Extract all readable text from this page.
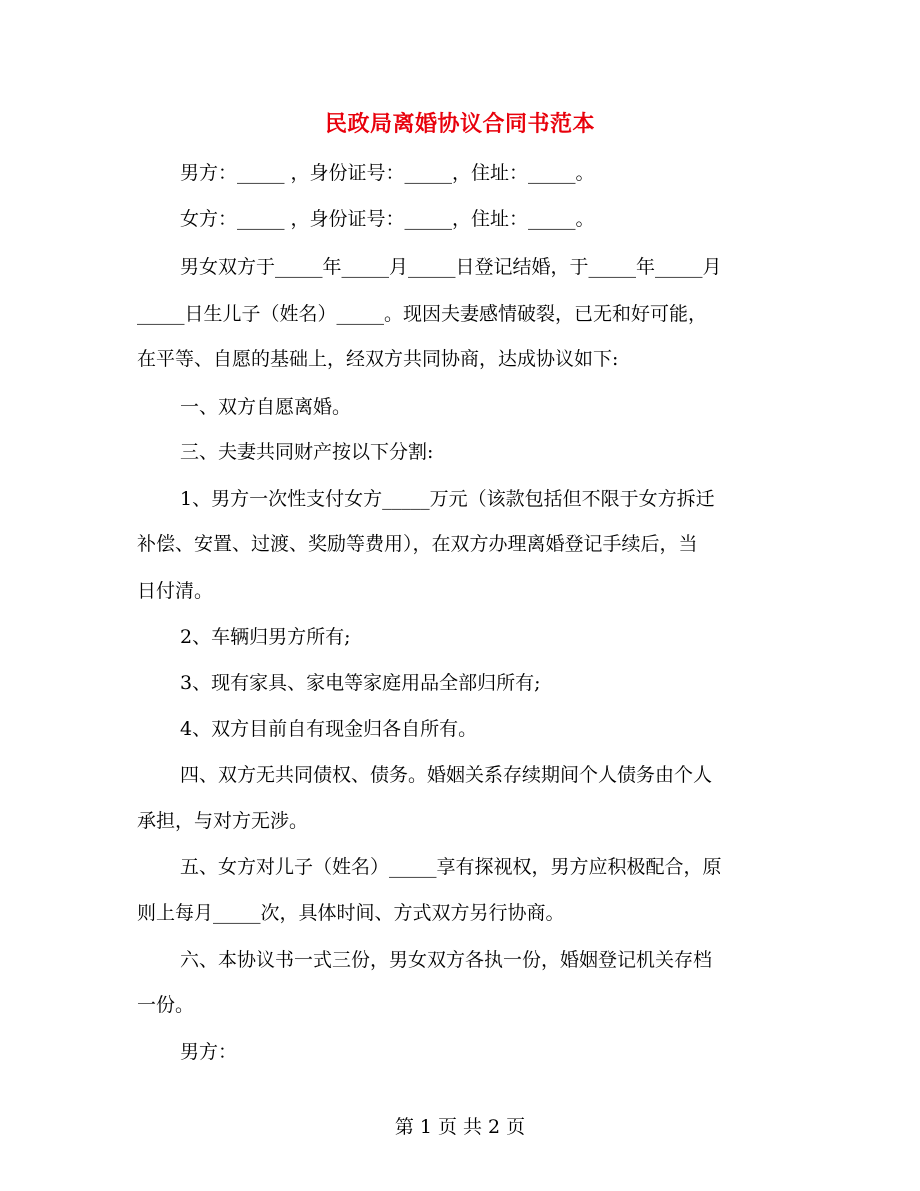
民政局离婚协议合同书范本
男方：_____ ，身份证号：_____，住址：_____。
女方：_____ ，身份证号：_____，住址：_____。
男女双方于_____年_____月_____日登记结婚，于_____年_____月
_____日生儿子（姓名）_____。现因夫妻感情破裂，已无和好可能，
在平等、自愿的基础上，经双方共同协商，达成协议如下:
一、双方自愿离婚。
三、夫妻共同财产按以下分割:
1、男方一次性支付女方_____万元（该款包括但不限于女方拆迁
补偿、安置、过渡、奖励等费用），在双方办理离婚登记手续后，当
日付清。
2、车辆归男方所有;
3、现有家具、家电等家庭用品全部归所有;
4、双方目前自有现金归各自所有。
四、双方无共同债权、债务。婚姻关系存续期间个人债务由个人
承担，与对方无涉。
五、女方对儿子（姓名）_____享有探视权，男方应积极配合，原
则上每月_____次，具体时间、方式双方另行协商。
六、本协议书一式三份，男女双方各执一份，婚姻登记机关存档
一份。
男方：
第 1 页 共 2 页
